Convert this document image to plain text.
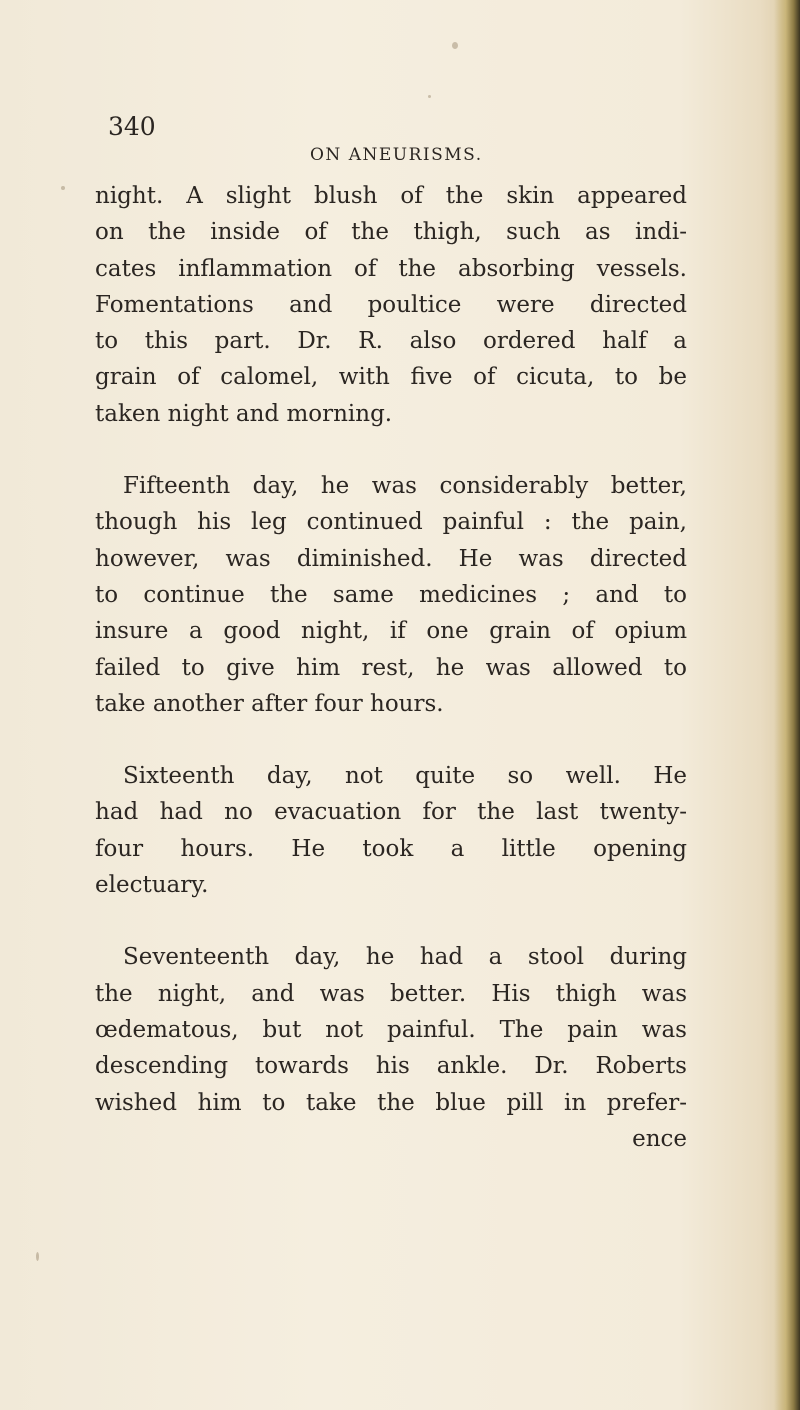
340
ON ANEURISMS.
night. A slight blush of the skin appeared
on the inside of the thigh, such as indi-
cates inflammation of the absorbing vessels.
Fomentations and poultice were directed
to this part. Dr. R. also ordered half a
grain of calomel, with five of cicuta, to be
taken night and morning.
Fifteenth day, he was considerably better,
though his leg continued painful : the pain,
however, was diminished. He was directed
to continue the same medicines ; and to
insure a good night, if one grain of opium
failed to give him rest, he was allowed to
take another after four hours.
Sixteenth day, not quite so well. He
had had no evacuation for the last twenty-
four hours. He took a little opening
electuary.
Seventeenth day, he had a stool during
the night, and was better. His thigh was
œdematous, but not painful. The pain was
descending towards his ankle. Dr. Roberts
wished him to take the blue pill in prefer-
ence
